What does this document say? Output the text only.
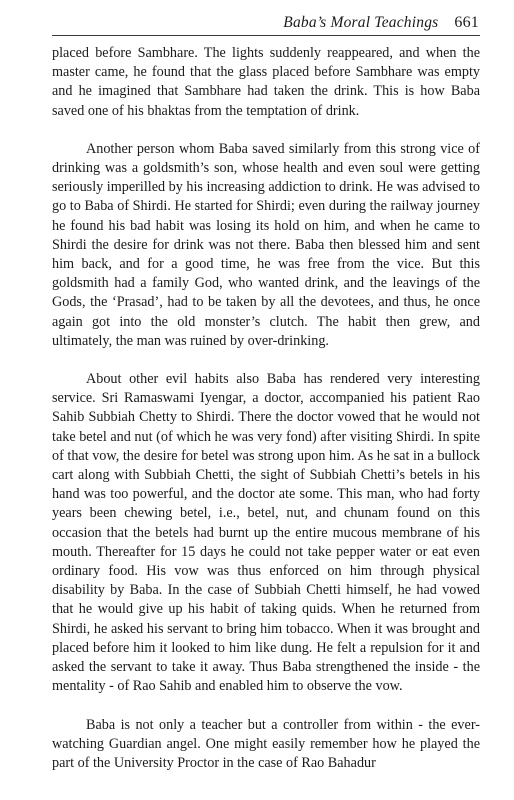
Baba’s Moral Teachings 661

placed before Sambhare. The lights suddenly reappeared, and when the master came, he found that the glass placed before Sambhare was empty and he imagined that Sambhare had taken the drink. This is how Baba saved one of his bhaktas from the temptation of drink.

Another person whom Baba saved similarly from this strong vice of drinking was a goldsmith’s son, whose health and even soul were getting seriously imperilled by his increasing addiction to drink. He was advised to go to Baba of Shirdi. He started for Shirdi; even during the railway journey he found his bad habit was losing its hold on him, and when he came to Shirdi the desire for drink was not there. Baba then blessed him and sent him back, and for a good time, he was free from the vice. But this goldsmith had a family God, who wanted drink, and the leavings of the Gods, the ‘Prasad’, had to be taken by all the devotees, and thus, he once again got into the old monster’s clutch. The habit then grew, and ultimately, the man was ruined by over-drinking.

About other evil habits also Baba has rendered very interesting service. Sri Ramaswami Iyengar, a doctor, accompanied his patient Rao Sahib Subbiah Chetty to Shirdi. There the doctor vowed that he would not take betel and nut (of which he was very fond) after visiting Shirdi. In spite of that vow, the desire for betel was strong upon him. As he sat in a bullock cart along with Subbiah Chetti, the sight of Subbiah Chetti’s betels in his hand was too powerful, and the doctor ate some. This man, who had forty years been chewing betel, i.e., betel, nut, and chunam found on this occasion that the betels had burnt up the entire mucous membrane of his mouth. Thereafter for 15 days he could not take pepper water or eat even ordinary food. His vow was thus enforced on him through physical disability by Baba. In the case of Subbiah Chetti himself, he had vowed that he would give up his habit of taking quids. When he returned from Shirdi, he asked his servant to bring him tobacco. When it was brought and placed before him it looked to him like dung. He felt a repulsion for it and asked the servant to take it away. Thus Baba strengthened the inside - the mentality - of Rao Sahib and enabled him to observe the vow.

Baba is not only a teacher but a controller from within - the ever-watching Guardian angel. One might easily remember how he played the part of the University Proctor in the case of Rao Bahadur
